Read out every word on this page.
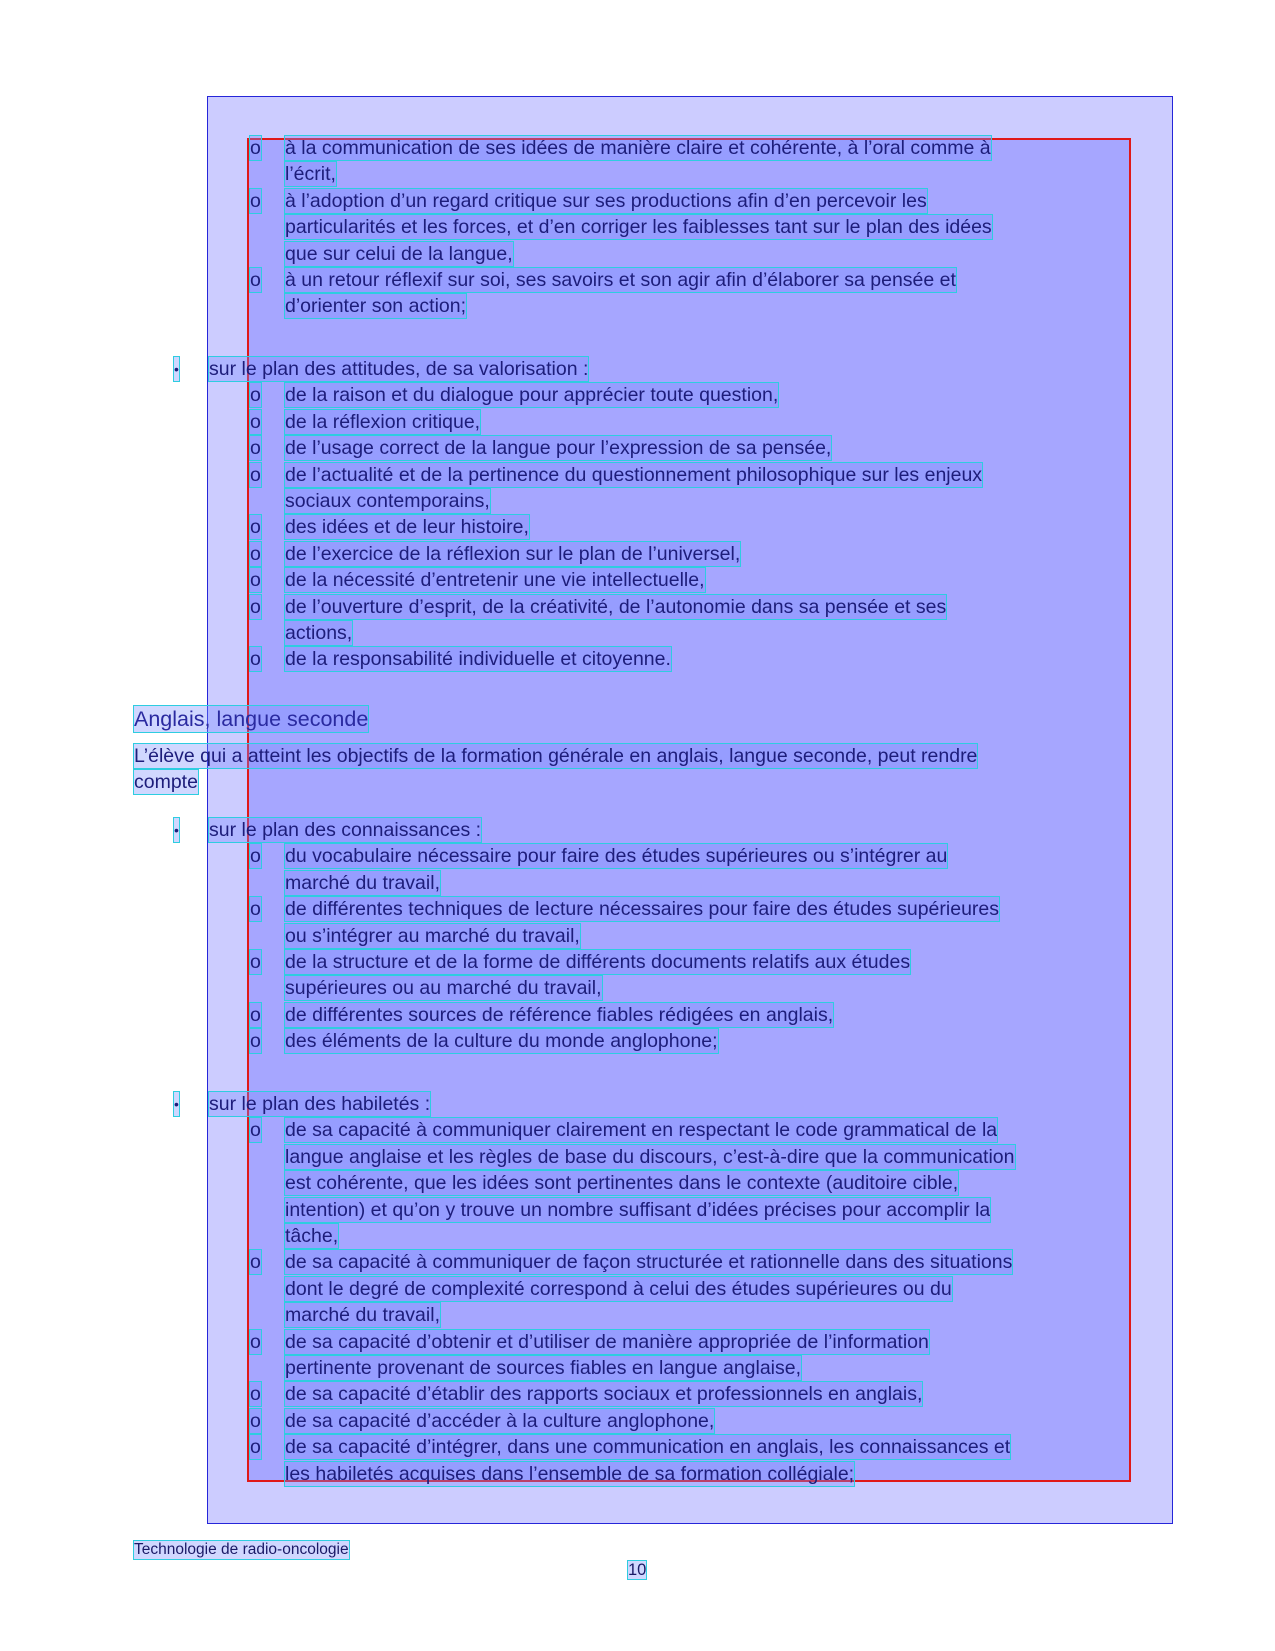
o à la communication de ses idées de manière claire et cohérente, à l’oral comme à
l’écrit,
o à l’adoption d’un regard critique sur ses productions afin d’en percevoir les
particularités et les forces, et d’en corriger les faiblesses tant sur le plan des idées
que sur celui de la langue,
o à un retour réflexif sur soi, ses savoirs et son agir afin d’élaborer sa pensée et
d’orienter son action;
• sur le plan des attitudes, de sa valorisation :
o de la raison et du dialogue pour apprécier toute question,
o de la réflexion critique,
o de l’usage correct de la langue pour l’expression de sa pensée,
o de l’actualité et de la pertinence du questionnement philosophique sur les enjeux
sociaux contemporains,
o des idées et de leur histoire,
o de l’exercice de la réflexion sur le plan de l’universel,
o de la nécessité d’entretenir une vie intellectuelle,
o de l’ouverture d’esprit, de la créativité, de l’autonomie dans sa pensée et ses
actions,
o de la responsabilité individuelle et citoyenne.
Anglais, langue seconde
L’élève qui a atteint les objectifs de la formation générale en anglais, langue seconde, peut rendre
compte
• sur le plan des connaissances :
o du vocabulaire nécessaire pour faire des études supérieures ou s’intégrer au
marché du travail,
o de différentes techniques de lecture nécessaires pour faire des études supérieures
ou s’intégrer au marché du travail,
o de la structure et de la forme de différents documents relatifs aux études
supérieures ou au marché du travail,
o de différentes sources de référence fiables rédigées en anglais,
o des éléments de la culture du monde anglophone;
• sur le plan des habiletés :
o de sa capacité à communiquer clairement en respectant le code grammatical de la
langue anglaise et les règles de base du discours, c’est-à-dire que la communication
est cohérente, que les idées sont pertinentes dans le contexte (auditoire cible,
intention) et qu’on y trouve un nombre suffisant d’idées précises pour accomplir la
tâche,
o de sa capacité à communiquer de façon structurée et rationnelle dans des situations
dont le degré de complexité correspond à celui des études supérieures ou du
marché du travail,
o de sa capacité d’obtenir et d’utiliser de manière appropriée de l’information
pertinente provenant de sources fiables en langue anglaise,
o de sa capacité d’établir des rapports sociaux et professionnels en anglais,
o de sa capacité d’accéder à la culture anglophone,
o de sa capacité d’intégrer, dans une communication en anglais, les connaissances et
les habiletés acquises dans l’ensemble de sa formation collégiale;
Technologie de radio-oncologie
10
